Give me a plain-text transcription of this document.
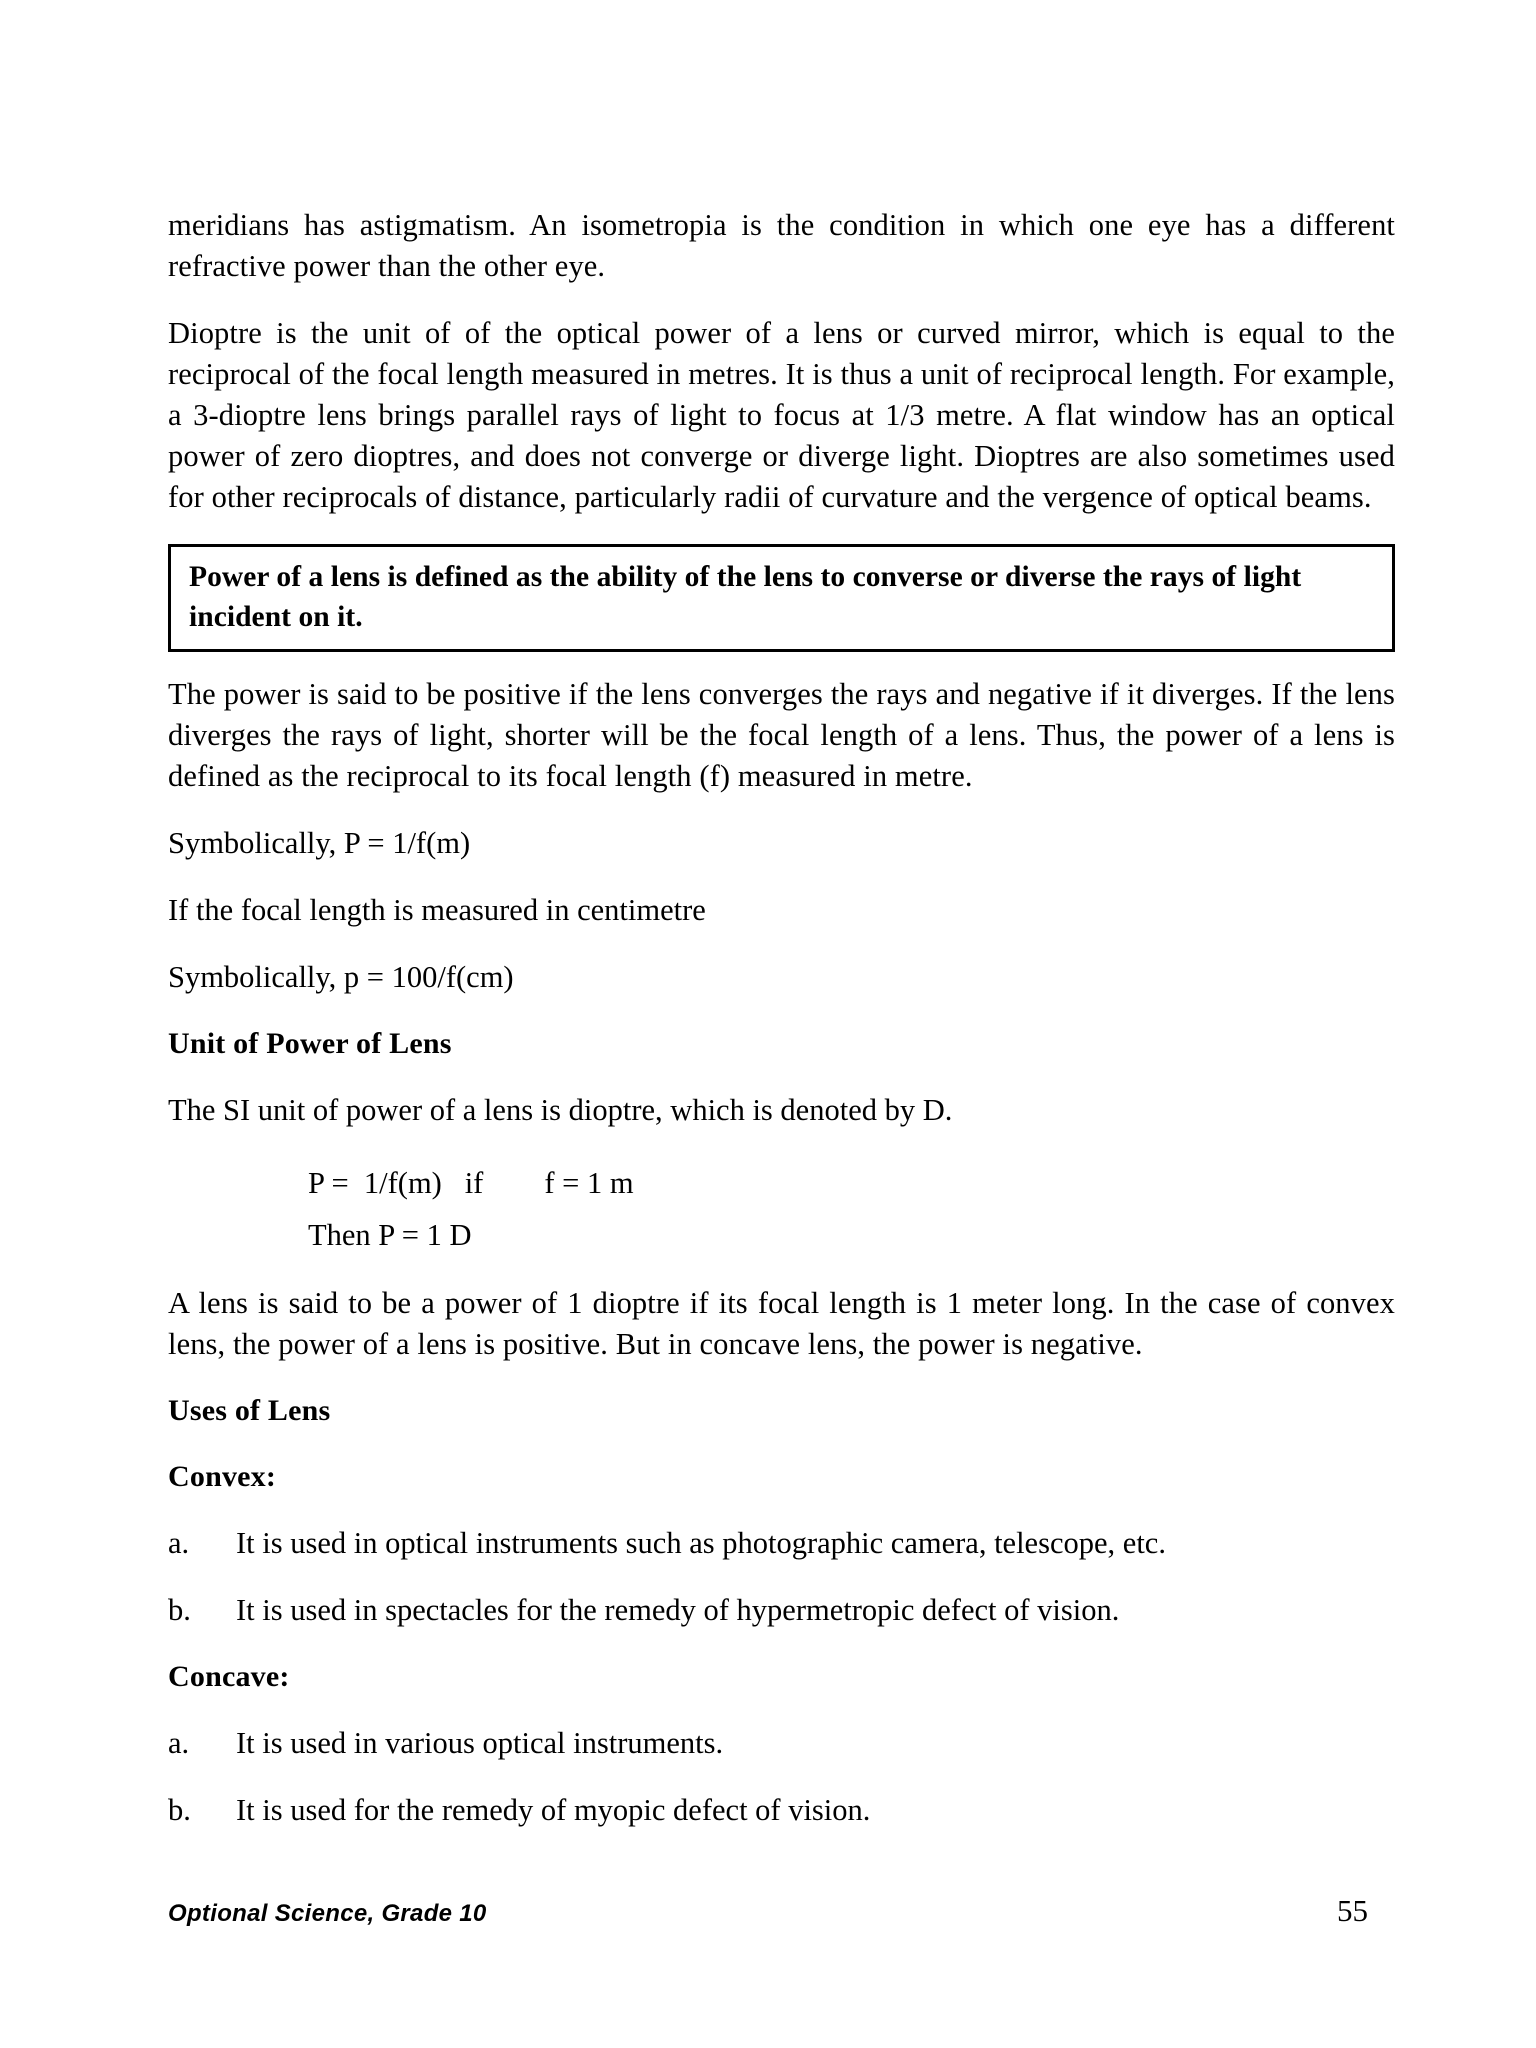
meridians has astigmatism. An isometropia is the condition in which one eye has a different refractive power than the other eye.

Dioptre is the unit of of the optical power of a lens or curved mirror, which is equal to the reciprocal of the focal length measured in metres. It is thus a unit of reciprocal length. For example, a 3-dioptre lens brings parallel rays of light to focus at 1/3 metre. A flat window has an optical power of zero dioptres, and does not converge or diverge light. Dioptres are also sometimes used for other reciprocals of distance, particularly radii of curvature and the vergence of optical beams.

Power of a lens is defined as the ability of the lens to converse or diverse the rays of light incident on it.

The power is said to be positive if the lens converges the rays and negative if it diverges. If the lens diverges the rays of light, shorter will be the focal length of a lens. Thus, the power of a lens is defined as the reciprocal to its focal length (f) measured in metre.

Symbolically, P = 1/f(m)

If the focal length is measured in centimetre

Symbolically, p = 100/f(cm)

Unit of Power of Lens

The SI unit of power of a lens is dioptre, which is denoted by D.

P =  1/f(m)   if        f = 1 m
Then P = 1 D

A lens is said to be a power of 1 dioptre if its focal length is 1 meter long. In the case of convex lens, the power of a lens is positive. But in concave lens, the power is negative.

Uses of Lens
Convex:
a.	It is used in optical instruments such as photographic camera, telescope, etc.
b.	It is used in spectacles for the remedy of hypermetropic defect of vision.
Concave:
a.	It is used in various optical instruments.
b.	It is used for the remedy of myopic defect of vision.
Optional Science, Grade 10	55
